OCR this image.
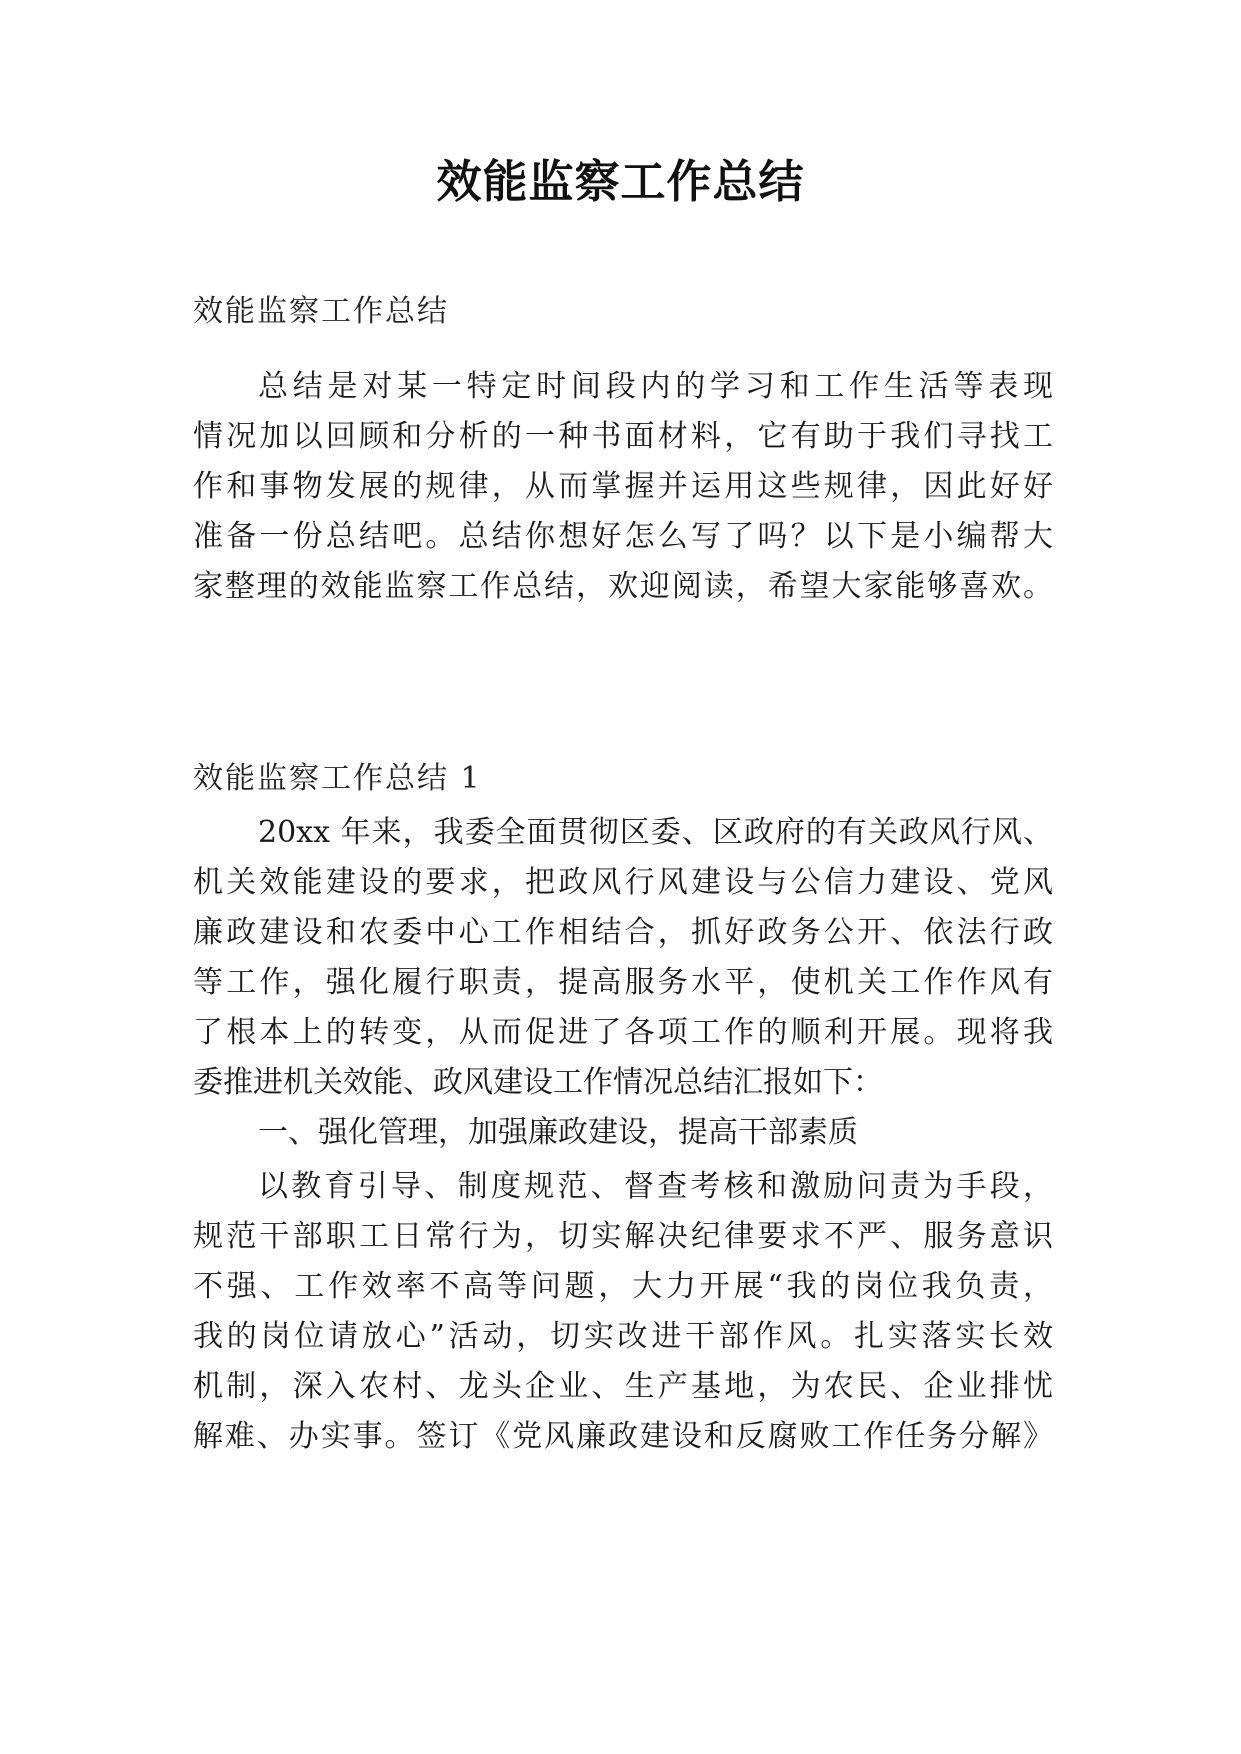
效能监察工作总结
效能监察工作总结
总结是对某一特定时间段内的学习和工作生活等表现
情况加以回顾和分析的一种书面材料，它有助于我们寻找工
作和事物发展的规律，从而掌握并运用这些规律，因此好好
准备一份总结吧。总结你想好怎么写了吗？以下是小编帮大
家整理的效能监察工作总结，欢迎阅读，希望大家能够喜欢。
效能监察工作总结 1
20xx 年来，我委全面贯彻区委、区政府的有关政风行风、
机关效能建设的要求，把政风行风建设与公信力建设、党风
廉政建设和农委中心工作相结合，抓好政务公开、依法行政
等工作，强化履行职责，提高服务水平，使机关工作作风有
了根本上的转变，从而促进了各项工作的顺利开展。现将我
委推进机关效能、政风建设工作情况总结汇报如下：
一、强化管理，加强廉政建设，提高干部素质
以教育引导、制度规范、督查考核和激励问责为手段，
规范干部职工日常行为，切实解决纪律要求不严、服务意识
不强、工作效率不高等问题，大力开展“我的岗位我负责，
我的岗位请放心”活动，切实改进干部作风。扎实落实长效
机制，深入农村、龙头企业、生产基地，为农民、企业排忧
解难、办实事。签订《党风廉政建设和反腐败工作任务分解》
